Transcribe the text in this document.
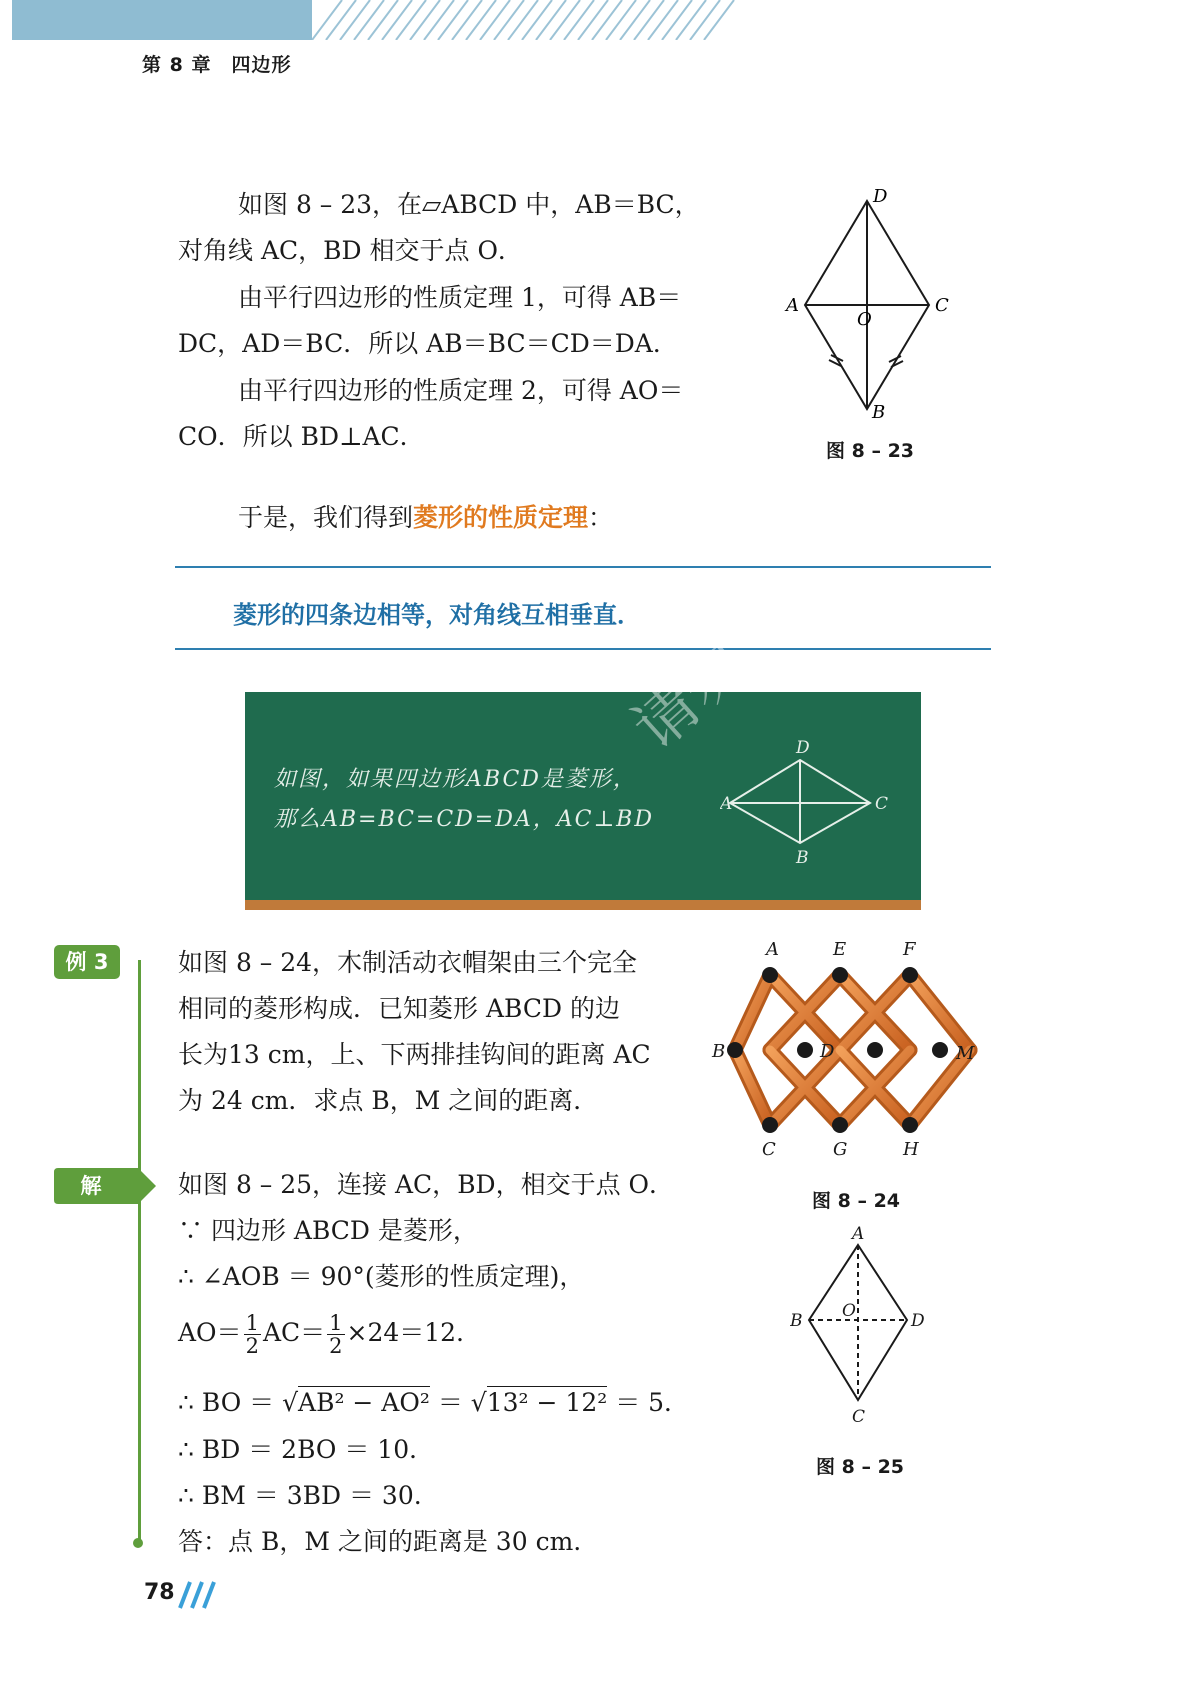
第 8 章　四边形
如图 8 – 23，在▱ABCD 中，AB＝BC，
对角线 AC，BD 相交于点 O．
由平行四边形的性质定理 1，可得 AB＝
DC，AD＝BC．所以 AB＝BC＝CD＝DA．
由平行四边形的性质定理 2，可得 AO＝
CO．所以 BD⊥AC．
于是，我们得到菱形的性质定理：
D
A	C
O
B
图 8 – 23
菱形的四条边相等，对角线互相垂直．
如图，如果四边形ABCD是菱形，
那么AB=BC=CD=DA，AC⊥BD
D
A	C
B
请勿
例 3	如图 8 – 24，木制活动衣帽架由三个完全
相同的菱形构成．已知菱形 ABCD 的边
长为13 cm，上、下两排挂钩间的距离 AC
为 24 cm．求点 B，M 之间的距离．
A	E	F
B	D	M
C	G	H
图 8 – 24
解	如图 8 – 25，连接 AC，BD，相交于点 O．
∵ 四边形 ABCD 是菱形，
∴ ∠AOB ＝ 90°(菱形的性质定理)，
$AO= \frac{1}{2} AC= \frac{1}{2} \times 24=12$．
∴ BO ＝ √AB² − AO² ＝ √13² − 12² ＝ 5．
∴ BD ＝ 2BO ＝ 10．
∴ BM ＝ 3BD ＝ 30.
答：点 B，M 之间的距离是 30 cm.
A
B	D
O
C
图 8 – 25
78
